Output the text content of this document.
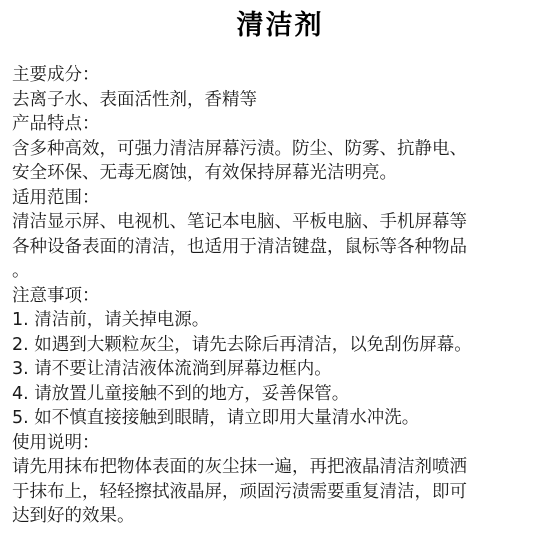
清洁剂
主要成分：
去离子水、表面活性剂，香精等
产品特点：
含多种高效，可强力清洁屏幕污渍。防尘、防雾、抗静电、
安全环保、无毒无腐蚀，有效保持屏幕光洁明亮。
适用范围：
清洁显示屏、电视机、笔记本电脑、平板电脑、手机屏幕等
各种设备表面的清洁，也适用于清洁键盘，鼠标等各种物品
。
注意事项：
1. 清洁前，请关掉电源。
2. 如遇到大颗粒灰尘，请先去除后再清洁，以免刮伤屏幕。
3. 请不要让清洁液体流淌到屏幕边框内。
4. 请放置儿童接触不到的地方，妥善保管。
5. 如不慎直接接触到眼睛，请立即用大量清水冲洗。
使用说明：
请先用抹布把物体表面的灰尘抹一遍，再把液晶清洁剂喷洒
于抹布上，轻轻擦拭液晶屏，顽固污渍需要重复清洁，即可
达到好的效果。
